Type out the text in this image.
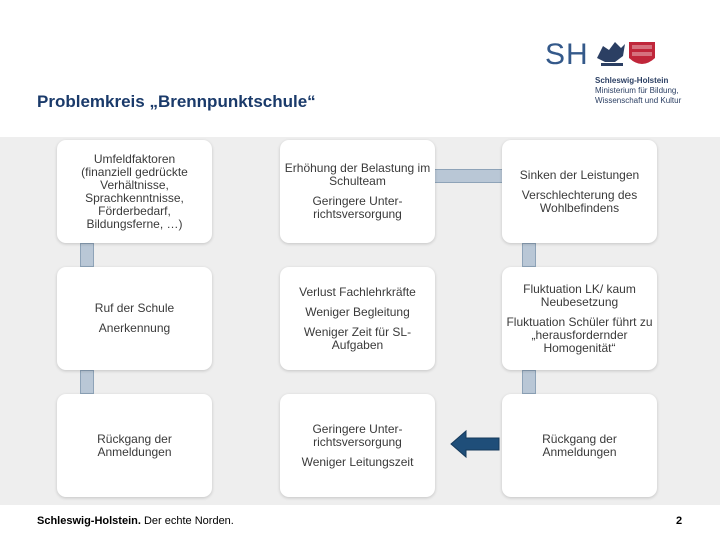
Problemkreis „Brennpunktschule“
SH
Schleswig-Holstein
Ministerium für Bildung,
Wissenschaft und Kultur

Umfeldfaktoren

(finanziell gedrückte Verhältnisse, Sprachkenntnisse, Förderbedarf, Bildungsferne, …)

Erhöhung der Belastung im Schulteam

Geringere Unter-richtsversorgung

Sinken der Leistungen

Verschlechterung des Wohlbefindens

Ruf der Schule

Anerkennung

Verlust Fachlehrkräfte

Weniger Begleitung

Weniger Zeit für SL-Aufgaben

Fluktuation LK/ kaum Neubesetzung

Fluktuation Schüler führt zu „herausfordernder Homogenität“

Rückgang der Anmeldungen

Geringere Unter-richtsversorgung

Weniger Leitungszeit

Rückgang der Anmeldungen

Schleswig-Holstein. Der echte Norden.	2
